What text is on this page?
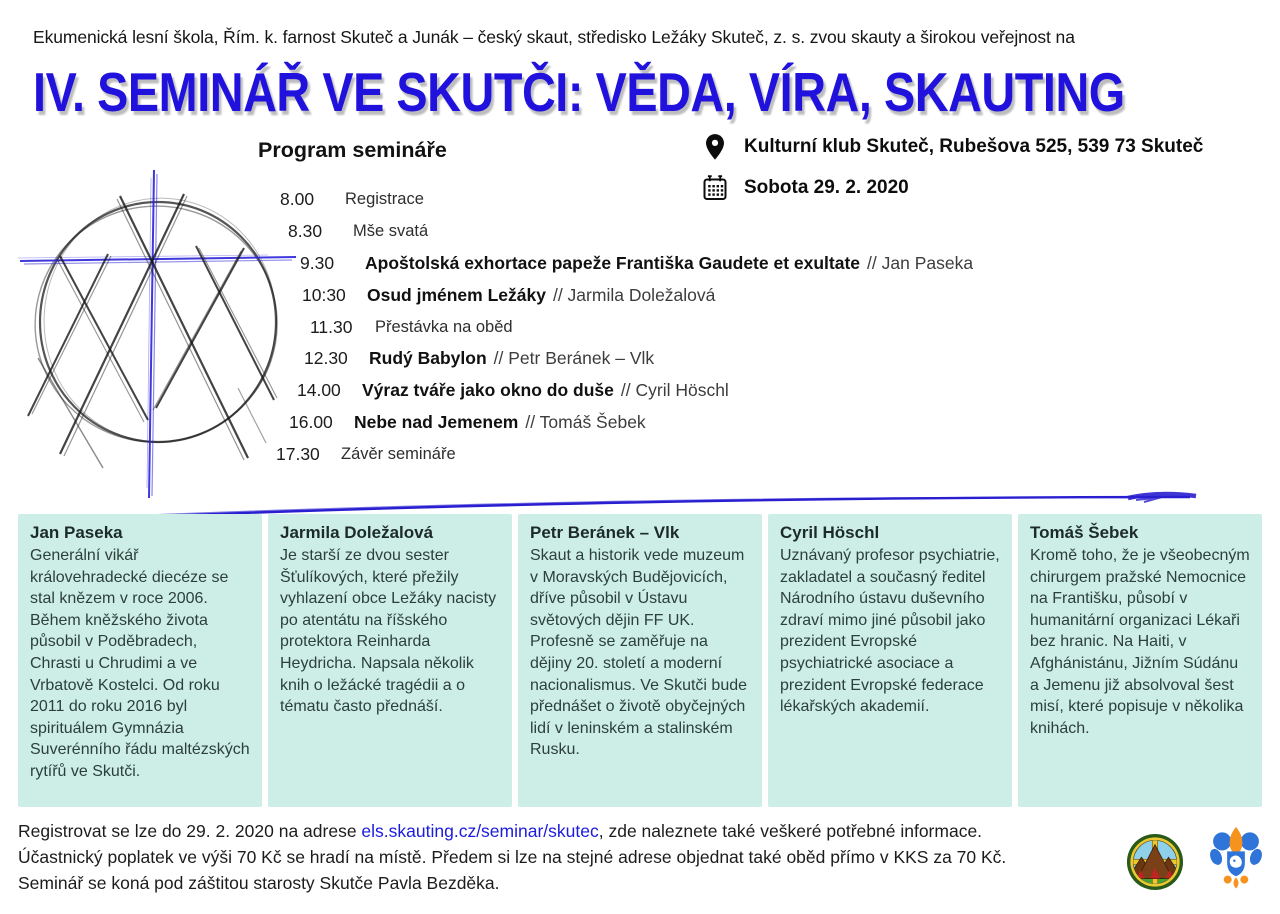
Ekumenická lesní škola, Řím. k. farnost Skuteč a Junák – český skaut, středisko Ležáky Skuteč, z. s. zvou skauty a širokou veřejnost na
IV. SEMINÁŘ VE SKUTČI: VĚDA, VÍRA, SKAUTING
Program semináře	Kulturní klub Skuteč, Rubešova 525, 539 73 Skuteč
Sobota 29. 2. 2020
8.00	Registrace
8.30	Mše svatá
9.30	Apoštolská exhortace papeže Františka Gaudete et exultate // Jan Paseka
10:30	Osud jménem Ležáky // Jarmila Doležalová
11.30	Přestávka na oběd
12.30	Rudý Babylon // Petr Beránek – Vlk
14.00	Výraz tváře jako okno do duše // Cyril Höschl
16.00	Nebe nad Jemenem // Tomáš Šebek
17.30	Závěr semináře
Jan Paseka
Generální vikář královehradecké diecéze se stal knězem v roce 2006. Během kněžského života působil v Poděbradech, Chrasti u Chrudimi a ve Vrbatově Kostelci. Od roku 2011 do roku 2016 byl spirituálem Gymnázia Suverénního řádu maltézských rytířů ve Skutči.
Jarmila Doležalová
Je starší ze dvou sester Šťulíkových, které přežily vyhlazení obce Ležáky nacisty po atentátu na říšského protektora Reinharda Heydricha. Napsala několik knih o ležácké tragédii a o tématu často přednáší.
Petr Beránek – Vlk
Skaut a historik vede muzeum v Moravských Budějovicích, dříve působil v Ústavu světových dějin FF UK. Profesně se zaměřuje na dějiny 20. století a moderní nacionalismus. Ve Skutči bude přednášet o životě obyčejných lidí v leninském a stalinském Rusku.
Cyril Höschl
Uznávaný profesor psychiatrie, zakladatel a současný ředitel Národního ústavu duševního zdraví mimo jiné působil jako prezident Evropské psychiatrické asociace a prezident Evropské federace lékařských akademií.
Tomáš Šebek
Kromě toho, že je všeobecným chirurgem pražské Nemocnice na Františku, působí v humanitární organizaci Lékaři bez hranic. Na Haiti, v Afghánistánu, Jižním Súdánu a Jemenu již absolvoval šest misí, které popisuje v několika knihách.
Registrovat se lze do 29. 2. 2020 na adrese els.skauting.cz/seminar/skutec, zde naleznete také veškeré potřebné informace.
Účastnický poplatek ve výši 70 Kč se hradí na místě. Předem si lze na stejné adrese objednat také oběd přímo v KKS za 70 Kč.
Seminář se koná pod záštitou starosty Skutče Pavla Bezděka.
